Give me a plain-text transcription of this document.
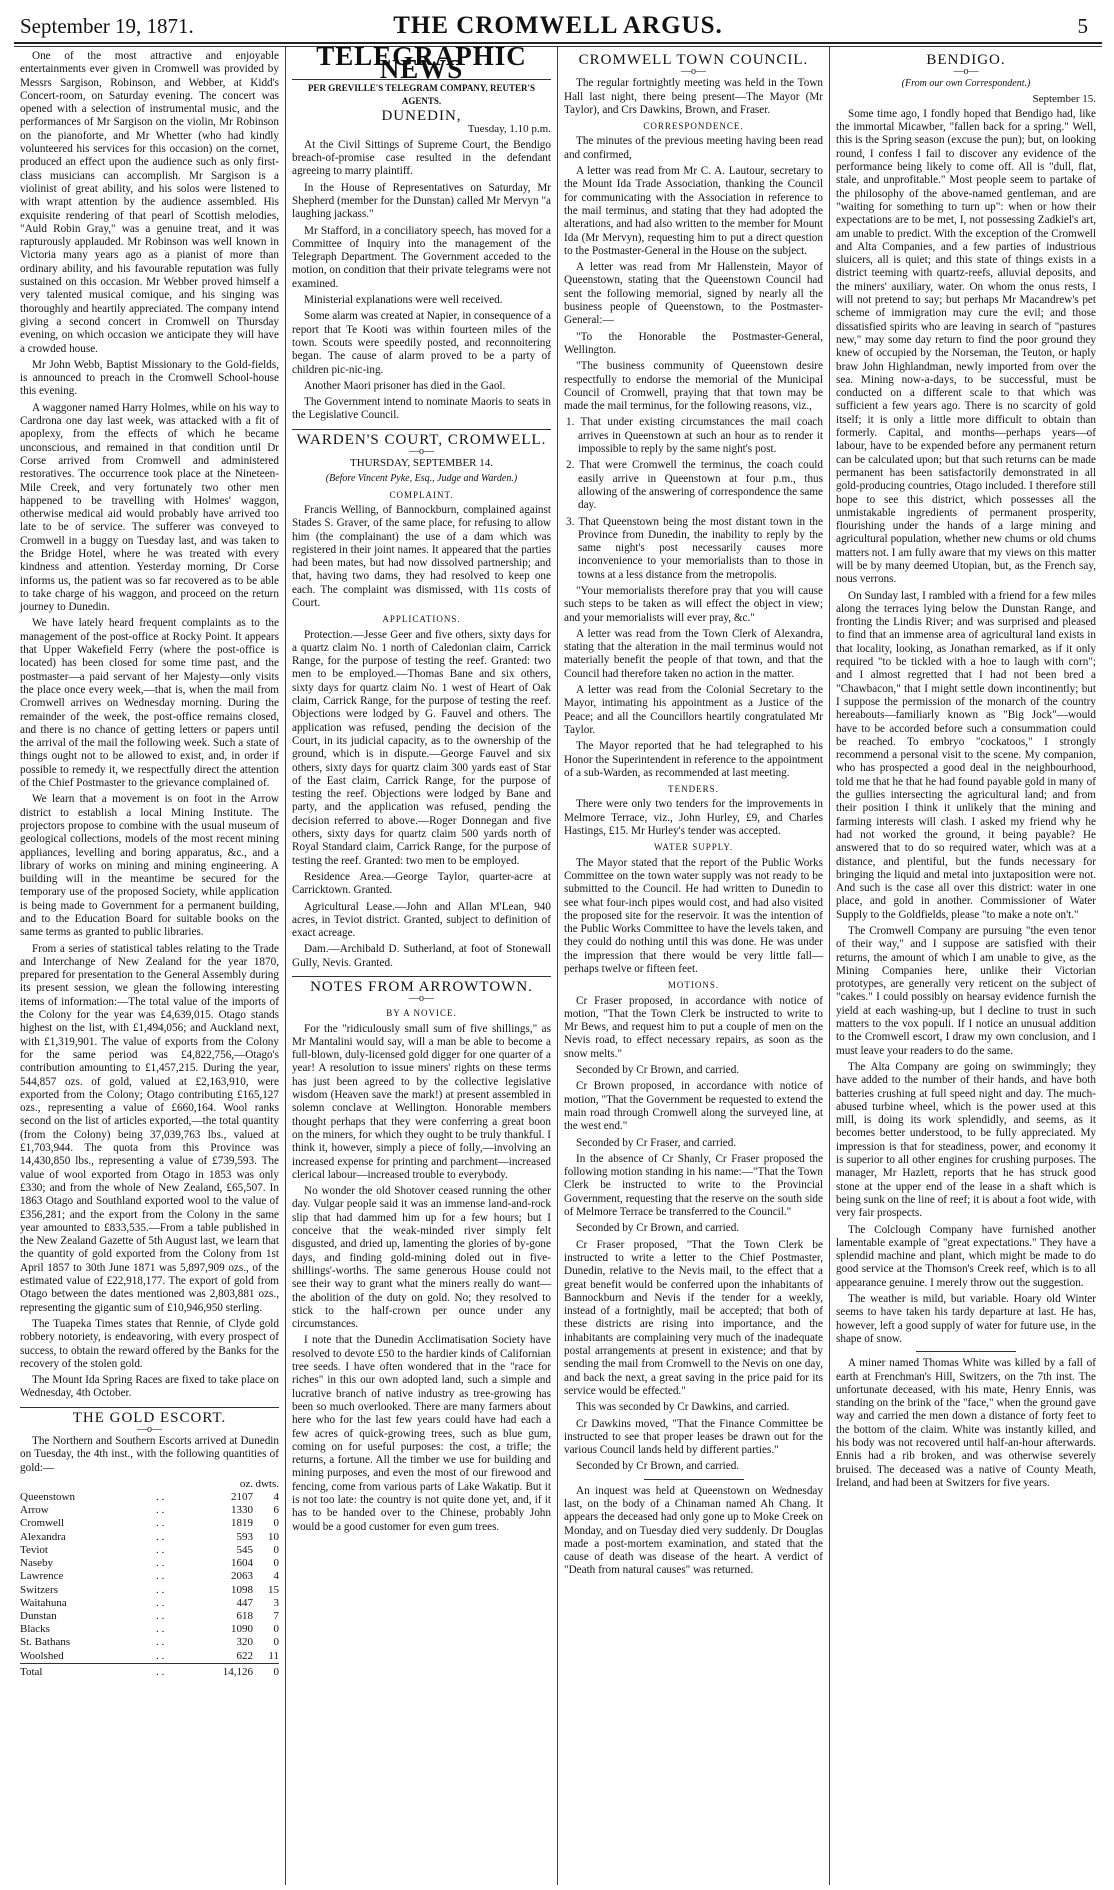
September 19, 1871.	THE CROMWELL ARGUS.	5

One of the most attractive and enjoyable entertainments ever given in Cromwell was provided by Messrs Sargison, Robinson, and Webber, at Kidd's Concert-room, on Saturday evening. The concert was opened with a selection of instrumental music, and the performances of Mr Sargison on the violin, Mr Robinson on the pianoforte, and Mr Whetter (who had kindly volunteered his services for this occasion) on the cornet, produced an effect upon the audience such as only first-class musicians can accomplish. Mr Sargison is a violinist of great ability, and his solos were listened to with wrapt attention by the audience assembled. His exquisite rendering of that pearl of Scottish melodies, "Auld Robin Gray," was a genuine treat, and it was rapturously applauded. Mr Robinson was well known in Victoria many years ago as a pianist of more than ordinary ability, and his favourable reputation was fully sustained on this occasion. Mr Webber proved himself a very talented musical comique, and his singing was thoroughly and heartily appreciated. The company intend giving a second concert in Cromwell on Thursday evening, on which occasion we anticipate they will have a crowded house.

Mr John Webb, Baptist Missionary to the Gold-fields, is announced to preach in the Cromwell School-house this evening.

A waggoner named Harry Holmes, while on his way to Cardrona one day last week, was attacked with a fit of apoplexy, from the effects of which he became unconscious, and remained in that condition until Dr Corse arrived from Cromwell and administered restoratives. The occurrence took place at the Nineteen-Mile Creek, and very fortunately two other men happened to be travelling with Holmes' waggon, otherwise medical aid would probably have arrived too late to be of service. The sufferer was conveyed to Cromwell in a buggy on Tuesday last, and was taken to the Bridge Hotel, where he was treated with every kindness and attention. Yesterday morning, Dr Corse informs us, the patient was so far recovered as to be able to take charge of his waggon, and proceed on the return journey to Dunedin.

We have lately heard frequent complaints as to the management of the post-office at Rocky Point. It appears that Upper Wakefield Ferry (where the post-office is located) has been closed for some time past, and the postmaster—a paid servant of her Majesty—only visits the place once every week,—that is, when the mail from Cromwell arrives on Wednesday morning. During the remainder of the week, the post-office remains closed, and there is no chance of getting letters or papers until the arrival of the mail the following week. Such a state of things ought not to be allowed to exist, and, in order if possible to remedy it, we respectfully direct the attention of the Chief Postmaster to the grievance complained of.

We learn that a movement is on foot in the Arrow district to establish a local Mining Institute. The projectors propose to combine with the usual museum of geological collections, models of the most recent mining appliances, levelling and boring apparatus, &c., and a library of works on mining and mining engineering. A building will in the meantime be secured for the temporary use of the proposed Society, while application is being made to Government for a permanent building, and to the Education Board for suitable books on the same terms as granted to public libraries.

From a series of statistical tables relating to the Trade and Interchange of New Zealand for the year 1870, prepared for presentation to the General Assembly during its present session, we glean the following interesting items of information:—The total value of the imports of the Colony for the year was £4,639,015. Otago stands highest on the list, with £1,494,056; and Auckland next, with £1,319,901. The value of exports from the Colony for the same period was £4,822,756,—Otago's contribution amounting to £1,457,215. During the year, 544,857 ozs. of gold, valued at £2,163,910, were exported from the Colony; Otago contributing £165,127 ozs., representing a value of £660,164. Wool ranks second on the list of articles exported,—the total quantity (from the Colony) being 37,039,763 lbs., valued at £1,703,944. The quota from this Province was 14,430,850 lbs., representing a value of £739,593. The value of wool exported from Otago in 1853 was only £330; and from the whole of New Zealand, £65,507. In 1863 Otago and Southland exported wool to the value of £356,281; and the export from the Colony in the same year amounted to £833,535.—From a table published in the New Zealand Gazette of 5th August last, we learn that the quantity of gold exported from the Colony from 1st April 1857 to 30th June 1871 was 5,897,909 ozs., of the estimated value of £22,918,177. The export of gold from Otago between the dates mentioned was 2,803,881 ozs., representing the gigantic sum of £10,946,950 sterling.

The Tuapeka Times states that Rennie, of Clyde gold robbery notoriety, is endeavoring, with every prospect of success, to obtain the reward offered by the Banks for the recovery of the stolen gold.

The Mount Ida Spring Races are fixed to take place on Wednesday, 4th October.

THE GOLD ESCORT.
—o—

The Northern and Southern Escorts arrived at Dunedin on Tuesday, the 4th inst., with the following quantities of gold:—

		oz.	dwts.
Queenstown	. .	2107	4
Arrow	. .	1330	6
Cromwell	. .	1819	0
Alexandra	. .	593	10
Teviot	. .	545	0
Naseby	. .	1604	0
Lawrence	. .	2063	4
Switzers	. .	1098	15
Waitahuna	. .	447	3
Dunstan	. .	618	7
Blacks	. .	1090	0
St. Bathans	. .	320	0
Woolshed	. .	622	11
Total	. .	14,126	0
TELEGRAPHIC NEWS
PER GREVILLE'S TELEGRAM COMPANY, REUTER'S AGENTS.
DUNEDIN,
Tuesday, 1.10 p.m.

At the Civil Sittings of Supreme Court, the Bendigo breach-of-promise case resulted in the defendant agreeing to marry plaintiff.

In the House of Representatives on Saturday, Mr Shepherd (member for the Dunstan) called Mr Mervyn "a laughing jackass."

Mr Stafford, in a conciliatory speech, has moved for a Committee of Inquiry into the management of the Telegraph Department. The Government acceded to the motion, on condition that their private telegrams were not examined.

Ministerial explanations were well received.

Some alarm was created at Napier, in consequence of a report that Te Kooti was within fourteen miles of the town. Scouts were speedily posted, and reconnoitering began. The cause of alarm proved to be a party of children pic-nic-ing.

Another Maori prisoner has died in the Gaol.

The Government intend to nominate Maoris to seats in the Legislative Council.

WARDEN'S COURT, CROMWELL.
—o—
THURSDAY, SEPTEMBER 14.
(Before Vincent Pyke, Esq., Judge and Warden.)
COMPLAINT.

Francis Welling, of Bannockburn, complained against Stades S. Graver, of the same place, for refusing to allow him (the complainant) the use of a dam which was registered in their joint names. It appeared that the parties had been mates, but had now dissolved partnership; and that, having two dams, they had resolved to keep one each. The complaint was dismissed, with 11s costs of Court.

APPLICATIONS.

Protection.—Jesse Geer and five others, sixty days for a quartz claim No. 1 north of Caledonian claim, Carrick Range, for the purpose of testing the reef. Granted: two men to be employed.—Thomas Bane and six others, sixty days for quartz claim No. 1 west of Heart of Oak claim, Carrick Range, for the purpose of testing the reef. Objections were lodged by G. Fauvel and others. The application was refused, pending the decision of the Court, in its judicial capacity, as to the ownership of the ground, which is in dispute.—George Fauvel and six others, sixty days for quartz claim 300 yards east of Star of the East claim, Carrick Range, for the purpose of testing the reef. Objections were lodged by Bane and party, and the application was refused, pending the decision referred to above.—Roger Donnegan and five others, sixty days for quartz claim 500 yards north of Royal Standard claim, Carrick Range, for the purpose of testing the reef. Granted: two men to be employed.

Residence Area.—George Taylor, quarter-acre at Carricktown. Granted.

Agricultural Lease.—John and Allan M'Lean, 940 acres, in Teviot district. Granted, subject to definition of exact acreage.

Dam.—Archibald D. Sutherland, at foot of Stonewall Gully, Nevis. Granted.

NOTES FROM ARROWTOWN.
—o—
BY A NOVICE.

For the "ridiculously small sum of five shillings," as Mr Mantalini would say, will a man be able to become a full-blown, duly-licensed gold digger for one quarter of a year! A resolution to issue miners' rights on these terms has just been agreed to by the collective legislative wisdom (Heaven save the mark!) at present assembled in solemn conclave at Wellington. Honorable members thought perhaps that they were conferring a great boon on the miners, for which they ought to be truly thankful. I think it, however, simply a piece of folly,—involving an increased expense for printing and parchment—increased clerical labour—increased trouble to everybody.

No wonder the old Shotover ceased running the other day. Vulgar people said it was an immense land-and-rock slip that had dammed him up for a few hours; but I conceive that the weak-minded river simply felt disgusted, and dried up, lamenting the glories of by-gone days, and finding gold-mining doled out in five-shillings'-worths. The same generous House could not see their way to grant what the miners really do want—the abolition of the duty on gold. No; they resolved to stick to the half-crown per ounce under any circumstances.

I note that the Dunedin Acclimatisation Society have resolved to devote £50 to the hardier kinds of Californian tree seeds. I have often wondered that in the "race for riches" in this our own adopted land, such a simple and lucrative branch of native industry as tree-growing has been so much overlooked. There are many farmers about here who for the last few years could have had each a few acres of quick-growing trees, such as blue gum, coming on for useful purposes: the cost, a trifle; the returns, a fortune. All the timber we use for building and mining purposes, and even the most of our firewood and fencing, come from various parts of Lake Wakatip. But it is not too late: the country is not quite done yet, and, if it has to be handed over to the Chinese, probably John would be a good customer for even gum trees.

CROMWELL TOWN COUNCIL.
—o—

The regular fortnightly meeting was held in the Town Hall last night, there being present—The Mayor (Mr Taylor), and Crs Dawkins, Brown, and Fraser.

CORRESPONDENCE.

The minutes of the previous meeting having been read and confirmed,

A letter was read from Mr C. A. Lautour, secretary to the Mount Ida Trade Association, thanking the Council for communicating with the Association in reference to the mail terminus, and stating that they had adopted the alterations, and had also written to the member for Mount Ida (Mr Mervyn), requesting him to put a direct question to the Postmaster-General in the House on the subject.

A letter was read from Mr Hallenstein, Mayor of Queenstown, stating that the Queenstown Council had sent the following memorial, signed by nearly all the business people of Queenstown, to the Postmaster-General:—

"To the Honorable the Postmaster-General, Wellington.

"The business community of Queenstown desire respectfully to endorse the memorial of the Municipal Council of Cromwell, praying that that town may be made the mail terminus, for the following reasons, viz.,

1. That under existing circumstances the mail coach arrives in Queenstown at such an hour as to render it impossible to reply by the same night's post.

2. That were Cromwell the terminus, the coach could easily arrive in Queenstown at four p.m., thus allowing of the answering of correspondence the same day.

3. That Queenstown being the most distant town in the Province from Dunedin, the inability to reply by the same night's post necessarily causes more inconvenience to your memorialists than to those in towns at a less distance from the metropolis.

"Your memorialists therefore pray that you will cause such steps to be taken as will effect the object in view; and your memorialists will ever pray, &c."

A letter was read from the Town Clerk of Alexandra, stating that the alteration in the mail terminus would not materially benefit the people of that town, and that the Council had therefore taken no action in the matter.

A letter was read from the Colonial Secretary to the Mayor, intimating his appointment as a Justice of the Peace; and all the Councillors heartily congratulated Mr Taylor.

The Mayor reported that he had telegraphed to his Honor the Superintendent in reference to the appointment of a sub-Warden, as recommended at last meeting.

TENDERS.

There were only two tenders for the improvements in Melmore Terrace, viz., John Hurley, £9, and Charles Hastings, £15. Mr Hurley's tender was accepted.

WATER SUPPLY.

The Mayor stated that the report of the Public Works Committee on the town water supply was not ready to be submitted to the Council. He had written to Dunedin to see what four-inch pipes would cost, and had also visited the proposed site for the reservoir. It was the intention of the Public Works Committee to have the levels taken, and they could do nothing until this was done. He was under the impression that there would be very little fall—perhaps twelve or fifteen feet.

MOTIONS.

Cr Fraser proposed, in accordance with notice of motion, "That the Town Clerk be instructed to write to Mr Bews, and request him to put a couple of men on the Nevis road, to effect necessary repairs, as soon as the snow melts."

Seconded by Cr Brown, and carried.

Cr Brown proposed, in accordance with notice of motion, "That the Government be requested to extend the main road through Cromwell along the surveyed line, at the west end."

Seconded by Cr Fraser, and carried.

In the absence of Cr Shanly, Cr Fraser proposed the following motion standing in his name:—"That the Town Clerk be instructed to write to the Provincial Government, requesting that the reserve on the south side of Melmore Terrace be transferred to the Council."

Seconded by Cr Brown, and carried.

Cr Fraser proposed, "That the Town Clerk be instructed to write a letter to the Chief Postmaster, Dunedin, relative to the Nevis mail, to the effect that a great benefit would be conferred upon the inhabitants of Bannockburn and Nevis if the tender for a weekly, instead of a fortnightly, mail be accepted; that both of these districts are rising into importance, and the inhabitants are complaining very much of the inadequate postal arrangements at present in existence; and that by sending the mail from Cromwell to the Nevis on one day, and back the next, a great saving in the price paid for its service would be effected."

This was seconded by Cr Dawkins, and carried.

Cr Dawkins moved, "That the Finance Committee be instructed to see that proper leases be drawn out for the various Council lands held by different parties."

Seconded by Cr Brown, and carried.

An inquest was held at Queenstown on Wednesday last, on the body of a Chinaman named Ah Chang. It appears the deceased had only gone up to Moke Creek on Monday, and on Tuesday died very suddenly. Dr Douglas made a post-mortem examination, and stated that the cause of death was disease of the heart. A verdict of "Death from natural causes" was returned.

BENDIGO.
—o—
(From our own Correspondent.)
September 15.

Some time ago, I fondly hoped that Bendigo had, like the immortal Micawber, "fallen back for a spring." Well, this is the Spring season (excuse the pun); but, on looking round, I confess I fail to discover any evidence of the performance being likely to come off. All is "dull, flat, stale, and unprofitable." Most people seem to partake of the philosophy of the above-named gentleman, and are "waiting for something to turn up": when or how their expectations are to be met, I, not possessing Zadkiel's art, am unable to predict. With the exception of the Cromwell and Alta Companies, and a few parties of industrious sluicers, all is quiet; and this state of things exists in a district teeming with quartz-reefs, alluvial deposits, and the miners' auxiliary, water. On whom the onus rests, I will not pretend to say; but perhaps Mr Macandrew's pet scheme of immigration may cure the evil; and those dissatisfied spirits who are leaving in search of "pastures new," may some day return to find the poor ground they knew of occupied by the Norseman, the Teuton, or haply braw John Highlandman, newly imported from over the sea. Mining now-a-days, to be successful, must be conducted on a different scale to that which was sufficient a few years ago. There is no scarcity of gold itself; it is only a little more difficult to obtain than formerly. Capital, and months—perhaps years—of labour, have to be expended before any permanent return can be calculated upon; but that such returns can be made permanent has been satisfactorily demonstrated in all gold-producing countries, Otago included. I therefore still hope to see this district, which possesses all the unmistakable ingredients of permanent prosperity, flourishing under the hands of a large mining and agricultural population, whether new chums or old chums matters not. I am fully aware that my views on this matter will be by many deemed Utopian, but, as the French say, nous verrons.

On Sunday last, I rambled with a friend for a few miles along the terraces lying below the Dunstan Range, and fronting the Lindis River; and was surprised and pleased to find that an immense area of agricultural land exists in that locality, looking, as Jonathan remarked, as if it only required "to be tickled with a hoe to laugh with corn"; and I almost regretted that I had not been bred a "Chawbacon," that I might settle down incontinently; but I suppose the permission of the monarch of the country hereabouts—familiarly known as "Big Jock"—would have to be accorded before such a consummation could be reached. To embryo "cockatoos," I strongly recommend a personal visit to the scene. My companion, who has prospected a good deal in the neighbourhood, told me that he that he had found payable gold in many of the gullies intersecting the agricultural land; and from their position I think it unlikely that the mining and farming interests will clash. I asked my friend why he had not worked the ground, it being payable? He answered that to do so required water, which was at a distance, and plentiful, but the funds necessary for bringing the liquid and metal into juxtaposition were not. And such is the case all over this district: water in one place, and gold in another. Commissioner of Water Supply to the Goldfields, please "to make a note on't."

The Cromwell Company are pursuing "the even tenor of their way," and I suppose are satisfied with their returns, the amount of which I am unable to give, as the Mining Companies here, unlike their Victorian prototypes, are generally very reticent on the subject of "cakes." I could possibly on hearsay evidence furnish the yield at each washing-up, but I decline to trust in such matters to the vox populi. If I notice an unusual addition to the Cromwell escort, I draw my own conclusion, and I must leave your readers to do the same.

The Alta Company are going on swimmingly; they have added to the number of their hands, and have both batteries crushing at full speed night and day. The much-abused turbine wheel, which is the power used at this mill, is doing its work splendidly, and seems, as it becomes better understood, to be fully appreciated. My impression is that for steadiness, power, and economy it is superior to all other engines for crushing purposes. The manager, Mr Hazlett, reports that he has struck good stone at the upper end of the lease in a shaft which is being sunk on the line of reef; it is about a foot wide, with very fair prospects.

The Colclough Company have furnished another lamentable example of "great expectations." They have a splendid machine and plant, which might be made to do good service at the Thomson's Creek reef, which is to all appearance genuine. I merely throw out the suggestion.

The weather is mild, but variable. Hoary old Winter seems to have taken his tardy departure at last. He has, however, left a good supply of water for future use, in the shape of snow.

A miner named Thomas White was killed by a fall of earth at Frenchman's Hill, Switzers, on the 7th inst. The unfortunate deceased, with his mate, Henry Ennis, was standing on the brink of the "face," when the ground gave way and carried the men down a distance of forty feet to the bottom of the claim. White was instantly killed, and his body was not recovered until half-an-hour afterwards. Ennis had a rib broken, and was otherwise severely bruised. The deceased was a native of County Meath, Ireland, and had been at Switzers for five years.
